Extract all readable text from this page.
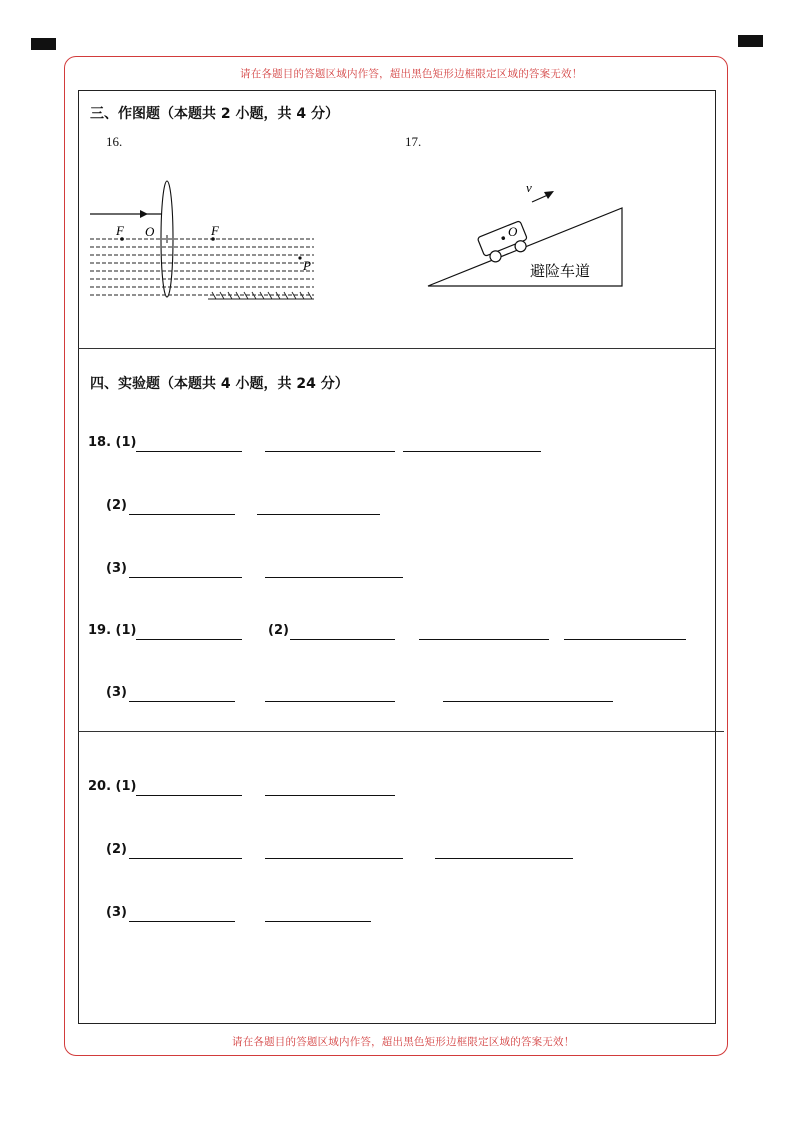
请在各题目的答题区域内作答，超出黑色矩形边框限定区域的答案无效！
请在各题目的答题区域内作答，超出黑色矩形边框限定区域的答案无效！
三、作图题（本题共 2 小题，共 4 分）
16.	17.
F O	F
P
v
O
避险车道
四、实验题（本题共 4 小题，共 24 分）
18. (1)
(2)
(3)
19. (1)	(2)
(3)
20. (1)
(2)
(3)
